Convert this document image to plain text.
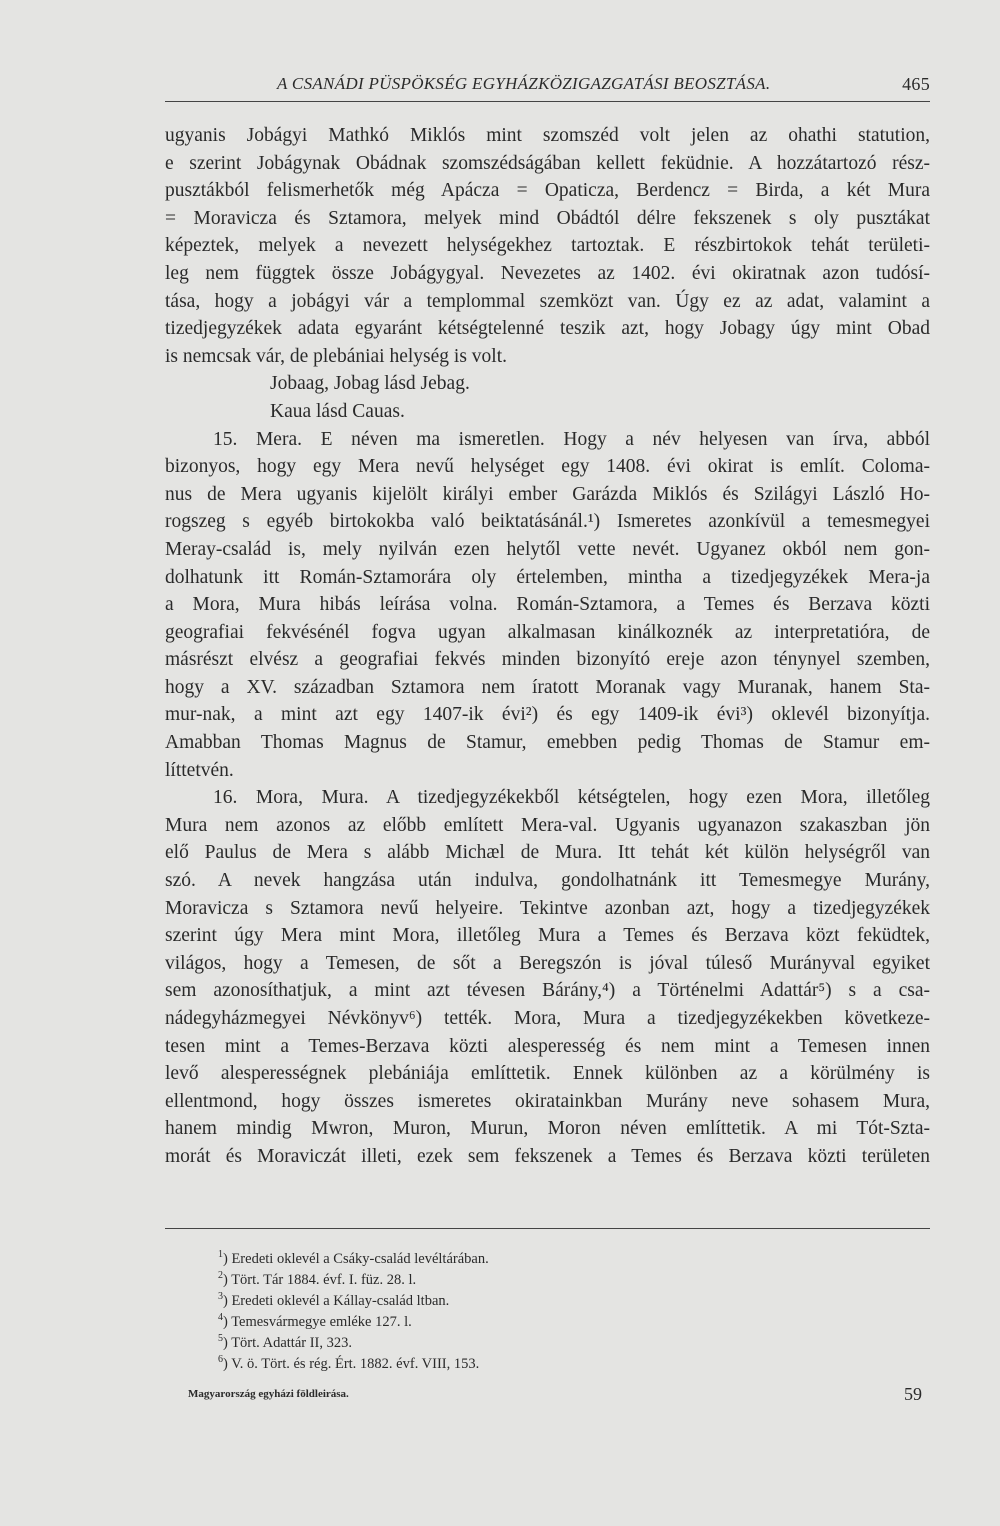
A CSANÁDI PÜSPÖKSÉG EGYHÁZKÖZIGAZGATÁSI BEOSZTÁSA.	465
ugyanis Jobágyi Mathkó Miklós mint szomszéd volt jelen az ohathi statution,
e szerint Jobágynak Obádnak szomszédságában kellett feküdnie. A hozzátartozó rész-
pusztákból felismerhetők még Apácza = Opaticza, Berdencz = Birda, a két Mura
= Moravicza és Sztamora, melyek mind Obádtól délre fekszenek s oly pusztákat
képeztek, melyek a nevezett helységekhez tartoztak. E részbirtokok tehát területi-
leg nem függtek össze Jobágygyal. Nevezetes az 1402. évi okiratnak azon tudósí-
tása, hogy a jobágyi vár a templommal szemközt van. Úgy ez az adat, valamint a
tizedjegyzékek adata egyaránt kétségtelenné teszik azt, hogy Jobagy úgy mint Obad
is nemcsak vár, de plebániai helység is volt.
Jobaag, Jobag lásd Jebag.
Kaua lásd Cauas.
15. Mera. E néven ma ismeretlen. Hogy a név helyesen van írva, abból
bizonyos, hogy egy Mera nevű helységet egy 1408. évi okirat is említ. Coloma-
nus de Mera ugyanis kijelölt királyi ember Garázda Miklós és Szilágyi László Ho-
rogszeg s egyéb birtokokba való beiktatásánál.¹) Ismeretes azonkívül a temesmegyei
Meray-család is, mely nyilván ezen helytől vette nevét. Ugyanez okból nem gon-
dolhatunk itt Román-Sztamorára oly értelemben, mintha a tizedjegyzékek Mera-ja
a Mora, Mura hibás leírása volna. Román-Sztamora, a Temes és Berzava közti
geografiai fekvésénél fogva ugyan alkalmasan kinálkoznék az interpretatióra, de
másrészt elvész a geografiai fekvés minden bizonyító ereje azon ténynyel szemben,
hogy a XV. században Sztamora nem íratott Moranak vagy Muranak, hanem Sta-
mur-nak, a mint azt egy 1407-ik évi²) és egy 1409-ik évi³) oklevél bizonyítja.
Amabban Thomas Magnus de Stamur, emebben pedig Thomas de Stamur em-
líttetvén.
16. Mora, Mura. A tizedjegyzékekből kétségtelen, hogy ezen Mora, illetőleg
Mura nem azonos az előbb említett Mera-val. Ugyanis ugyanazon szakaszban jön
elő Paulus de Mera s alább Michæl de Mura. Itt tehát két külön helységről van
szó. A nevek hangzása után indulva, gondolhatnánk itt Temesmegye Murány,
Moravicza s Sztamora nevű helyeire. Tekintve azonban azt, hogy a tizedjegyzékek
szerint úgy Mera mint Mora, illetőleg Mura a Temes és Berzava közt feküdtek,
világos, hogy a Temesen, de sőt a Beregszón is jóval túleső Murányval egyiket
sem azonosíthatjuk, a mint azt tévesen Bárány,⁴) a Történelmi Adattár⁵) s a csa-
nádegyházmegyei Névkönyv⁶) tették. Mora, Mura a tizedjegyzékekben következe-
tesen mint a Temes-Berzava közti alesperesség és nem mint a Temesen innen
levő alesperességnek plebániája említtetik. Ennek különben az a körülmény is
ellentmond, hogy összes ismeretes okiratainkban Murány neve sohasem Mura,
hanem mindig Mwron, Muron, Murun, Moron néven említtetik. A mi Tót-Szta-
morát és Moraviczát illeti, ezek sem fekszenek a Temes és Berzava közti területen
$^1$) Eredeti oklevél a Csáky-család levéltárában.
$^2$) Tört. Tár 1884. évf. I. füz. 28. l.
$^3$) Eredeti oklevél a Kállay-család ltban.
$^4$) Temesvármegye emléke 127. l.
$^5$) Tört. Adattár II, 323.
$^6$) V. ö. Tört. és rég. Ért. 1882. évf. VIII, 153.
Magyarország egyházi földleirása.	59
